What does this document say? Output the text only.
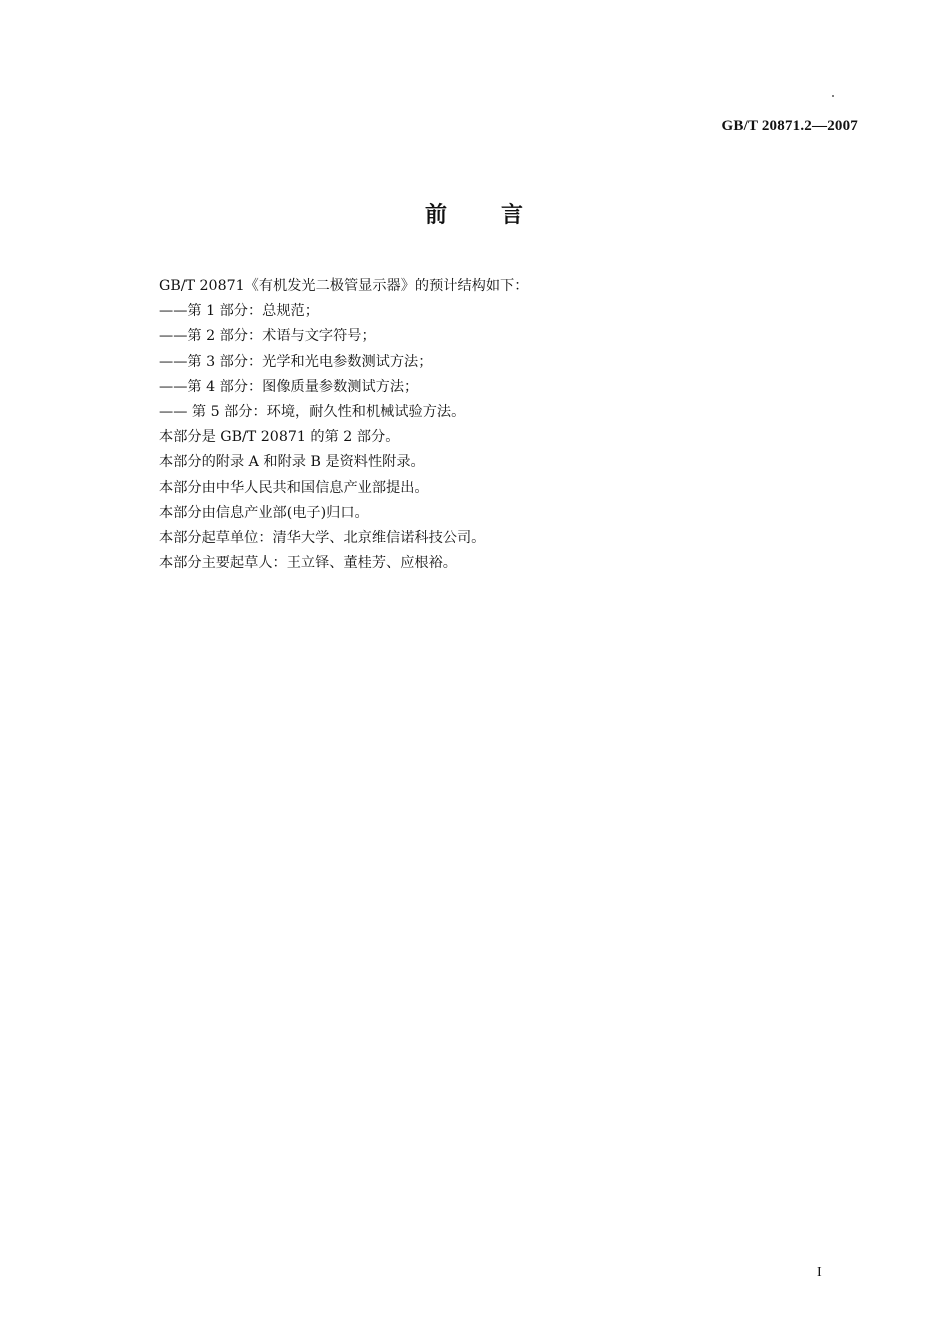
GB/T 20871.2—2007
前 言
GB/T 20871《有机发光二极管显示器》的预计结构如下：
——第 1 部分：总规范；
——第 2 部分：术语与文字符号；
——第 3 部分：光学和光电参数测试方法；
——第 4 部分：图像质量参数测试方法；
—— 第 5 部分：环境，耐久性和机械试验方法。
本部分是 GB/T 20871 的第 2 部分。
本部分的附录 A 和附录 B 是资料性附录。
本部分由中华人民共和国信息产业部提出。
本部分由信息产业部(电子)归口。
本部分起草单位：清华大学、北京维信诺科技公司。
本部分主要起草人：王立铎、董桂芳、应根裕。
I
